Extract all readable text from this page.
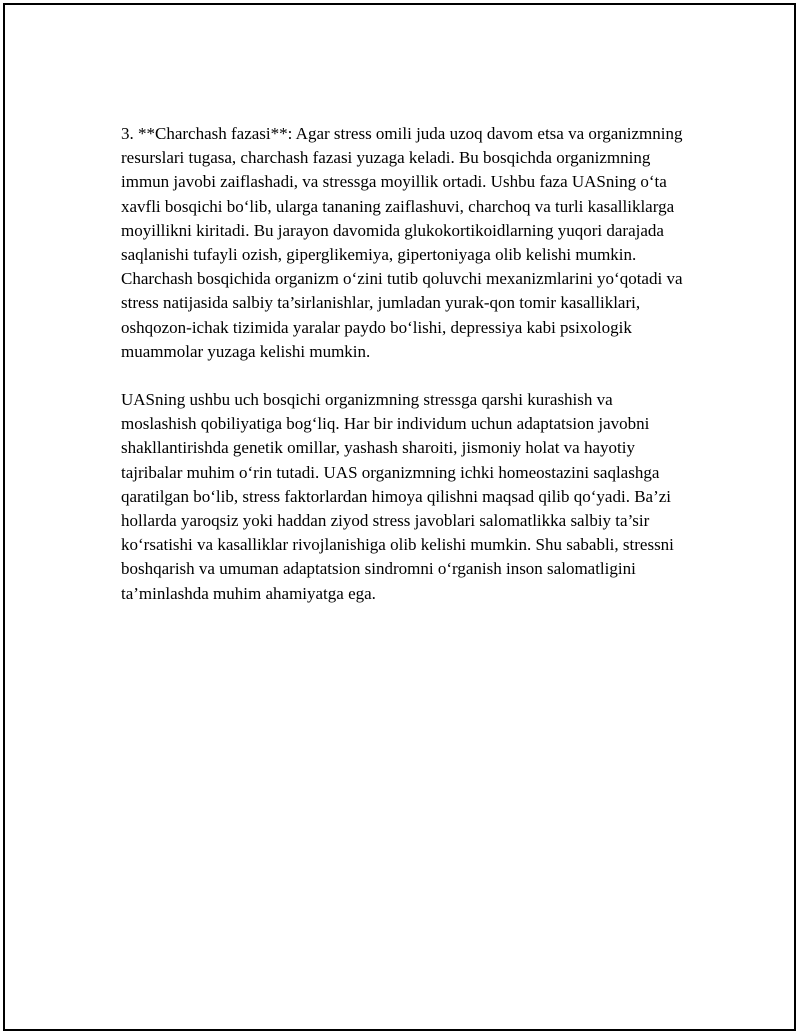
3. **Charchash fazasi**: Agar stress omili juda uzoq davom etsa va organizmning resurslari tugasa, charchash fazasi yuzaga keladi. Bu bosqichda organizmning immun javobi zaiflashadi, va stressga moyillik ortadi. Ushbu faza UASning o‘ta xavfli bosqichi bo‘lib, ularga tananing zaiflashuvi, charchoq va turli kasalliklarga moyillikni kiritadi. Bu jarayon davomida glukokortikoidlarning yuqori darajada saqlanishi tufayli ozish, giperglikemiya, gipertoniyaga olib kelishi mumkin. Charchash bosqichida organizm o‘zini tutib qoluvchi mexanizmlarini yo‘qotadi va stress natijasida salbiy ta’sirlanishlar, jumladan yurak-qon tomir kasalliklari, oshqozon-ichak tizimida yaralar paydo bo‘lishi, depressiya kabi psixologik muammolar yuzaga kelishi mumkin.

UASning ushbu uch bosqichi organizmning stressga qarshi kurashish va moslashish qobiliyatiga bog‘liq. Har bir individum uchun adaptatsion javobni shakllantirishda genetik omillar, yashash sharoiti, jismoniy holat va hayotiy tajribalar muhim o‘rin tutadi. UAS organizmning ichki homeostazini saqlashga qaratilgan bo‘lib, stress faktorlardan himoya qilishni maqsad qilib qo‘yadi. Ba’zi hollarda yaroqsiz yoki haddan ziyod stress javoblari salomatlikka salbiy ta’sir ko‘rsatishi va kasalliklar rivojlanishiga olib kelishi mumkin. Shu sababli, stressni boshqarish va umuman adaptatsion sindromni o‘rganish inson salomatligini ta’minlashda muhim ahamiyatga ega.
